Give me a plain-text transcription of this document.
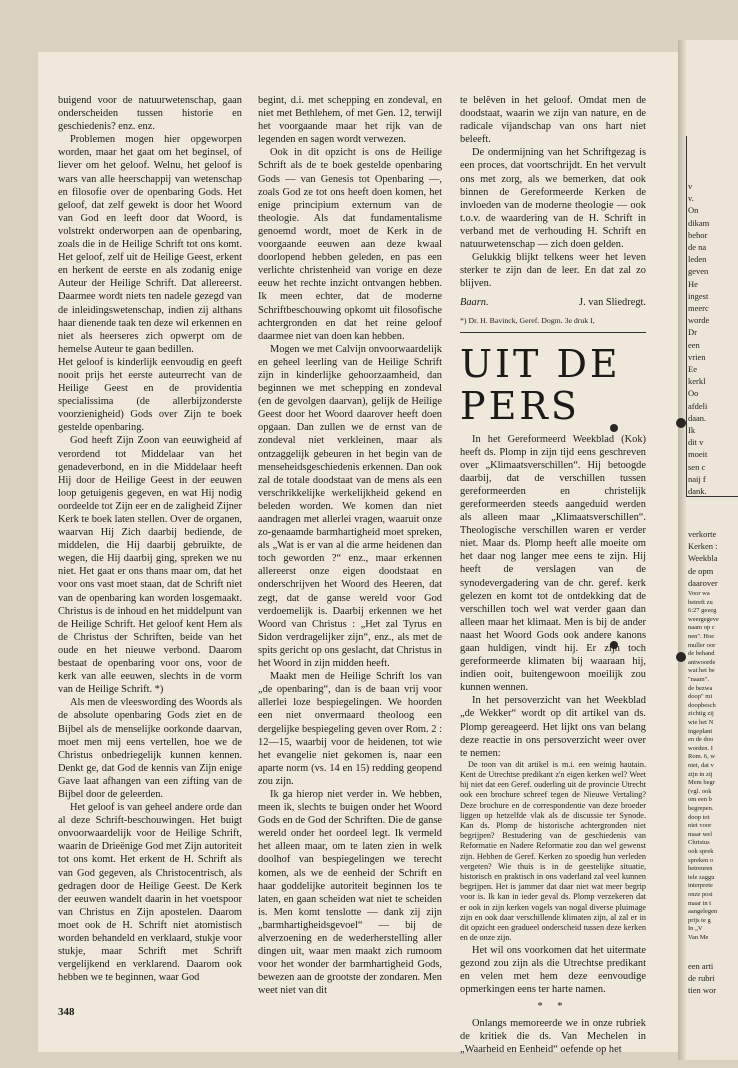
v
v.
On
dikam
behor
de na
leden
geven
He
ingest
meerc
worde
Dr
een
vrien
Ee
kerkl
Oo
afdeli
daan.
Ik
dit v
moeit
sen c
naij f
dank.
verkorte
Kerken :
Weekbla
de opm
daarover
Voor wa
betreft zu
6:27 gezeg
weergegeve
naam op c
nen". Hoe
muller oor
de behand
antwoorde
wat het be
"naam".
de bezwa
doop" mi
doopbesch
zichtig zij
wie het N
ingeplant
en de doo
worden. I
Rom. 6, w
niet, dat v
zijn in zij
Mem begr
(vgl. ook
om een b
begrepen.
doop tot
niet voor
maar wel
Christus
ook sprek
spreken o
betreuren
tele zaggu
interprete
onze posi
maar in t
aangelegen
prijs te g
In „V
Van Me
een arti
de rubri
tien wor

buigend voor de natuurwetenschap, gaan onderscheiden tussen historie en geschiedenis? enz. enz.

Problemen mogen hier opgeworpen worden, maar het gaat om het beginsel, of liever om het geloof. Welnu, het geloof is wars van alle heerschappij van wetenschap en filosofie over de openbaring Gods. Het geloof, dat zelf gewekt is door het Woord van God en leeft door dat Woord, is volstrekt onderworpen aan de openbaring, zoals die in de Heilige Schrift tot ons komt. Het geloof, zelf uit de Heilige Geest, erkent en herkent de eerste en als zodanig enige Auteur der Heilige Schrift. Dat allereerst. Daarmee wordt niets ten nadele gezegd van de inleidingswetenschap, indien zij althans haar dienende taak ten deze wil erkennen en niet als heerseres zich opwerpt om de hemelse Auteur te gaan bedillen.

Het geloof is kinderlijk eenvoudig en geeft nooit prijs het eerste auteurrecht van de Heilige Geest en de providentia specialissima (de allerbijzonderste voorzienigheid) Gods over Zijn te boek gestelde openbaring.

God heeft Zijn Zoon van eeuwigheid af verordend tot Middelaar van het genadeverbond, en in die Middelaar heeft Hij door de Heilige Geest in der eeuwen loop getuigenis gegeven, en wat Hij nodig oordeelde tot Zijn eer en de zaligheid Zijner Kerk te boek laten stellen. Over de organen, waarvan Hij Zich daarbij bediende, de middelen, die Hij daarbij gebruikte, de wegen, die Hij daarbij ging, spreken we nu niet. Het gaat er ons thans maar om, dat het voor ons vast moet staan, dat de Schrift niet van de openbaring kan worden losgemaakt. Christus is de inhoud en het middelpunt van de Heilige Schrift. Het geloof kent Hem als de Christus der Schriften, beide van het oude en het nieuwe verbond. Daarom bestaat de openbaring voor ons, voor de kerk van alle eeuwen, slechts in de vorm van de Heilige Schrift. *)

Als men de vleeswording des Woords als de absolute openbaring Gods ziet en de Bijbel als de menselijke oorkonde daarvan, moet men mij eens vertellen, hoe we de Christus onbedriegelijk kunnen kennen. Denkt ge, dat God de kennis van Zijn enige Gave laat afhangen van een zifting van de Bijbel door de geleerden.

Het geloof is van geheel andere orde dan al deze Schrift-beschouwingen. Het buigt onvoorwaardelijk voor de Heilige Schrift, waarin de Drieënige God met Zijn autoriteit tot ons komt. Het erkent de H. Schrift als van God gegeven, als Christocentrisch, als gedragen door de Heilige Geest. De Kerk der eeuwen wandelt daarin in het voetspoor van Christus en Zijn apostelen. Daarom moet ook de H. Schrift niet atomistisch worden behandeld en verklaard, stukje voor stukje, maar Schrift met Schrift vergelijkend en verklarend. Daarom ook hebben we te beginnen, waar God

begint, d.i. met schepping en zondeval, en niet met Bethlehem, of met Gen. 12, terwijl het voorgaande maar het rijk van de legenden en sagen wordt verwezen.

Ook in dit opzicht is ons de Heilige Schrift als de te boek gestelde openbaring Gods — van Genesis tot Openbaring —, zoals God ze tot ons heeft doen komen, het enige principium externum van de theologie. Als dat fundamentalisme genoemd wordt, moet de Kerk in de voorgaande eeuwen aan deze kwaal doorlopend hebben geleden, en pas een verlichte christenheid van vorige en deze eeuw het rechte inzicht ontvangen hebben. Ik meen echter, dat de moderne Schriftbeschouwing opkomt uit filosofische achtergronden en dat het reine geloof daarmee niet van doen kan hebben.

Mogen we met Calvijn onvoorwaardelijk en geheel leerling van de Heilige Schrift zijn in kinderlijke gehoorzaamheid, dan beginnen we met schepping en zondeval (en de gevolgen daarvan), gelijk de Heilige Geest door het Woord daarover heeft doen opgaan. Dan zullen we de ernst van de zondeval niet verkleinen, maar als ontzaggelijk gebeuren in het begin van de menseheidsgeschiedenis erkennen. Dan ook zal de totale doodstaat van de mens als een verschrikkelijke werkelijkheid gekend en beleden worden. We komen dan niet aandragen met allerlei vragen, waaruit onze zo-genaamde barmhartigheid moet spreken, als „Wat is er van al die arme heidenen dan toch geworden ?“ enz., maar erkennen allereerst onze eigen doodstaat en onderschrijven het Woord des Heeren, dat zegt, dat de ganse wereld voor God verdoemelijk is. Daarbij erkennen we het Woord van Christus : „Het zal Tyrus en Sidon verdragelijker zijn“, enz., als met de spits gericht op ons geslacht, dat Christus in het Woord in zijn midden heeft.

Maakt men de Heilige Schrift los van „de openbaring“, dan is de baan vrij voor allerlei loze bespiegelingen. We hoorden een niet onvermaard theoloog een dergelijke bespiegeling geven over Rom. 2 : 12—15, waarbij voor de heidenen, tot wie het evangelie niet gekomen is, naar een aparte norm (vs. 14 en 15) redding geopend zou zijn.

Ik ga hierop niet verder in. We hebben, meen ik, slechts te buigen onder het Woord Gods en de God der Schriften. Die de ganse wereld onder het oordeel legt. Ik vermeld het alleen maar, om te laten zien in welk doolhof van bespiegelingen we terecht komen, als we de eenheid der Schrift en haar goddelijke autoriteit beginnen los te laten, en gaan scheiden wat niet te scheiden is. Men komt tenslotte — dank zij zijn „barmhartigheidsgevoel“ — bij de alverzoening en de wederherstelling aller dingen uit, waar men maakt zich rumoom voor het wonder der barmhartigheid Gods, bewezen aan de grootste der zondaren. Men weet niet van dit

te belêven in het geloof. Omdat men de doodstaat, waarin we zijn van nature, en de radicale vijandschap van ons hart niet beleeft.

De ondermijning van het Schriftgezag is een proces, dat voortschrijdt. En het vervult ons met zorg, als we bemerken, dat ook binnen de Gereformeerde Kerken de invloeden van de moderne theologie — ook t.o.v. de waardering van de H. Schrift in verband met de verhouding H. Schrift en natuurwetenschap — zich doen gelden.

Gelukkig blijkt telkens weer het leven sterker te zijn dan de leer. En dat zal zo blijven.

Baarn.	J. van Sliedregt.
*) Dr. H. Bavinck, Geref. Dogm. 3e druk I,
UIT DE PERS

In het Gereformeerd Weekblad (Kok) heeft ds. Plomp in zijn tijd eens geschreven over „Klimaatsverschillen“. Hij betoogde daarbij, dat de verschillen tussen gereformeerden en christelijk gereformeerden steeds aangeduid werden als alleen maar „Klimaatsverschillen“. Theologische verschillen waren er verder niet. Maar ds. Plomp heeft alle moeite om het daar nog langer mee eens te zijn. Hij heeft de verslagen van de synodevergadering van de chr. geref. kerk gelezen en komt tot de ontdekking dat de verschillen toch wel wat verder gaan dan alleen maar het klimaat. Men is bij de ander naast het Woord Gods ook andere kanons gaan huldigen, vindt hij. Er zijn toch gereformeerde klimaten bij waaraan hij, indien ooit, buitengewoon moeilijk zou kunnen wennen.

In het persoverzicht van het Weekblad „de Wekker“ wordt op dit artikel van ds. Plomp gereageerd. Het lijkt ons van belang deze reactie in ons persoverzicht weer over te nemen:

De toon van dit artikel is m.i. een weinig hautain. Kent de Utrechtse predikant z'n eigen kerken wel? Weet hij niet dat een Geref. ouderling uit de provincie Utrecht ook een brochure schreef tegen de Nieuwe Vertaling? Deze brochure en de correspondentie van deze broeder liggen op hetzelfde vlak als de discussie ter Synode. Kan ds. Plomp de historische achtergronden niet begrijpen? Bestudering van de geschiedenis van Reformatie en Nadere Reformatie zou dan wel gewenst zijn. Hebben de Geref. Kerken zo spoedig hun verleden vergeten? Wie thuis is in de geestelijke situatie, historisch en praktisch in ons vaderland zal veel kunnen begrijpen. Het is jammer dat daar niet wat meer begrip voor is. Ik kan in ieder geval ds. Plomp verzekeren dat er ook in zijn kerken vogels van nogal diverse pluimage zijn en ook daar verschillende klimaten zijn, al zal er in dit opzicht een gradueel onderscheid tussen deze kerken en de onze zijn.

Het wil ons voorkomen dat het uitermate gezond zou zijn als die Utrechtse predikant en velen met hem deze eenvoudige opmerkingen eens ter harte namen.

* *

Onlangs memoreerde we in onze rubriek de kritiek die ds. Van Mechelen in „Waarheid en Eenheid“ oefende op het

348
